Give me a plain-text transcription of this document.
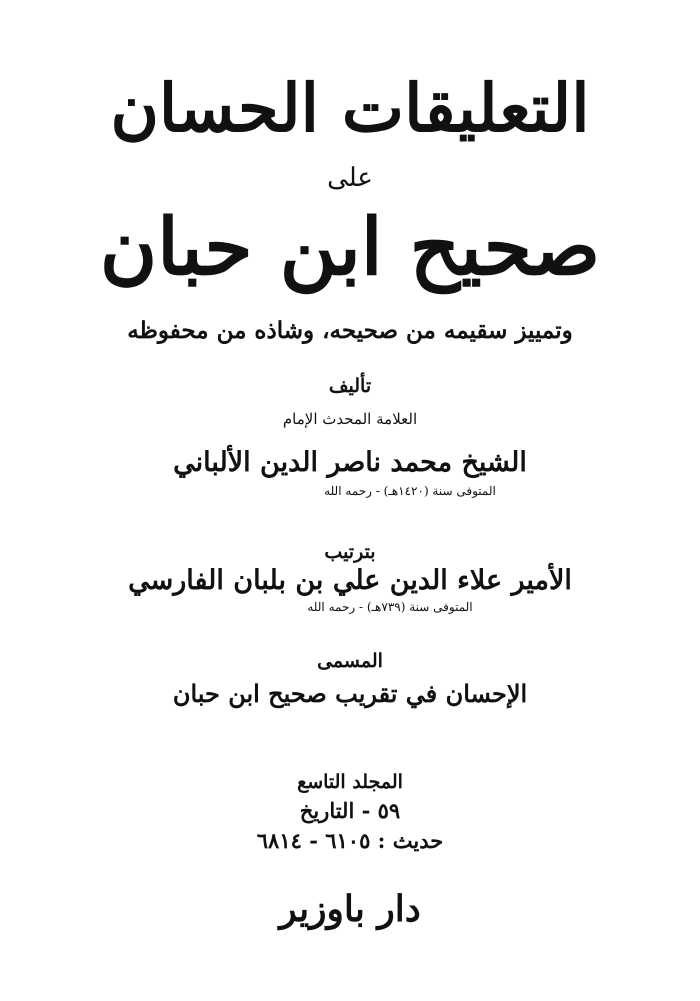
التعليقات الحسان
على
صحيح ابن حبان
وتمييز سقيمه من صحيحه، وشاذه من محفوظه
تأليف
العلامة المحدث الإمام
الشيخ محمد ناصر الدين الألباني
المتوفى سنة (١٤٢٠هـ) - رحمه الله
بترتيب
الأمير علاء الدين علي بن بلبان الفارسي
المتوفى سنة (٧٣٩هـ) - رحمه الله
المسمى
الإحسان في تقريب صحيح ابن حبان
المجلد التاسع
٥٩ - التاريخ
حديث : ٦١٠٥ - ٦٨١٤
دار باوزير
